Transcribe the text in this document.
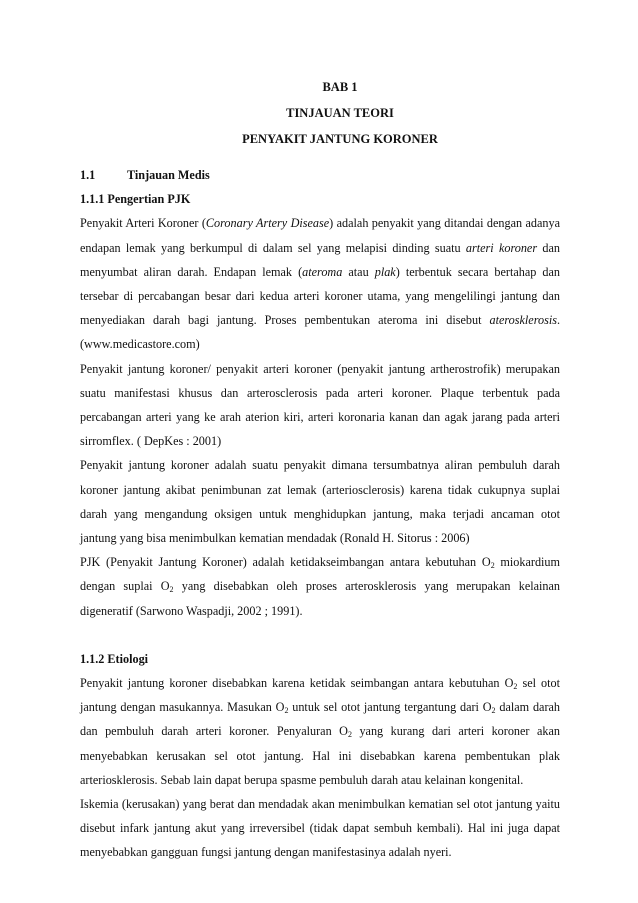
BAB 1
TINJAUAN TEORI
PENYAKIT JANTUNG KORONER
1.1	Tinjauan Medis
1.1.1
Pengertian PJK

Penyakit Arteri Koroner (Coronary Artery Disease) adalah penyakit yang ditandai dengan adanya endapan lemak yang berkumpul di dalam sel yang melapisi dinding suatu arteri koroner dan menyumbat aliran darah. Endapan lemak (ateroma atau plak) terbentuk secara bertahap dan tersebar di percabangan besar dari kedua arteri koroner utama, yang mengelilingi jantung dan menyediakan darah bagi jantung. Proses pembentukan ateroma ini disebut aterosklerosis. (www.medicastore.com)

Penyakit jantung koroner/ penyakit arteri koroner (penyakit jantung artherostrofik) merupakan suatu manifestasi khusus dan arterosclerosis pada arteri koroner. Plaque terbentuk pada percabangan arteri yang ke arah aterion kiri, arteri koronaria kanan dan agak jarang pada arteri sirromflex. ( DepKes : 2001)

Penyakit jantung koroner adalah suatu penyakit dimana tersumbatnya aliran pembuluh darah koroner jantung akibat penimbunan zat lemak (arteriosclerosis) karena tidak cukupnya suplai darah yang mengandung oksigen untuk menghidupkan jantung, maka terjadi ancaman otot jantung yang bisa menimbulkan kematian mendadak (Ronald H. Sitorus : 2006)

PJK (Penyakit Jantung Koroner) adalah ketidakseimbangan antara kebutuhan $O_2$ miokardium dengan suplai $O_2$ yang disebabkan oleh proses arterosklerosis yang merupakan kelainan digeneratif (Sarwono Waspadji, 2002 ; 1991).

1.1.2
Etiologi

Penyakit jantung koroner disebabkan karena ketidak seimbangan antara kebutuhan $O_2$ sel otot jantung dengan masukannya. Masukan $O_2$ untuk sel otot jantung tergantung dari $O_2$ dalam darah dan pembuluh darah arteri koroner. Penyaluran $O_2$ yang kurang dari arteri koroner akan menyebabkan kerusakan sel otot jantung. Hal ini disebabkan karena pembentukan plak arteriosklerosis. Sebab lain dapat berupa spasme pembuluh darah atau kelainan kongenital.

Iskemia (kerusakan) yang berat dan mendadak akan menimbulkan kematian sel otot jantung yaitu disebut infark jantung akut yang irreversibel (tidak dapat sembuh kembali). Hal ini juga dapat menyebabkan gangguan fungsi jantung dengan manifestasinya adalah nyeri.
